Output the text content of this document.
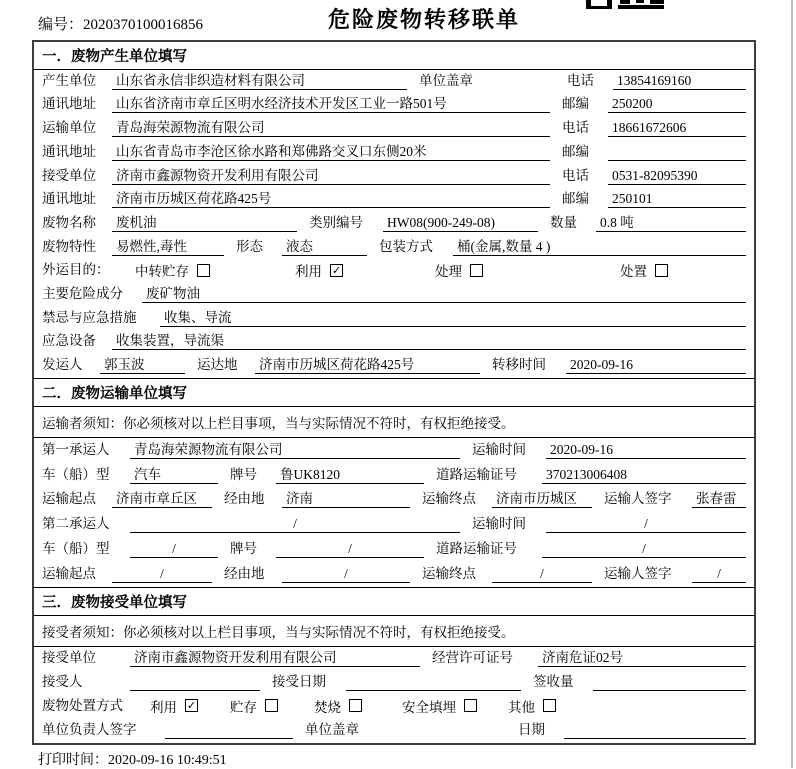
编号：2020370100016856	危险废物转移联单
一．废物产生单位填写
产生单位	山东省永信非织造材料有限公司	单位盖章	电话	13854169160
通讯地址	山东省济南市章丘区明水经济技术开发区工业一路501号	邮编	250200
运输单位	青岛海荣源物流有限公司	电话	18661672606
通讯地址	山东省青岛市李沧区徐水路和郑佛路交叉口东侧20米	邮编
接受单位	济南市鑫源物资开发利用有限公司	电话	0531-82095390
通讯地址	济南市历城区荷花路425号	邮编	250101
废物名称	废机油	类别编号	HW08(900-249-08)	数量	0.8 吨
废物特性	易燃性,毒性	形态	液态	包装方式	桶(金属,数量 4 )
外运目的：	中转贮存	利用 ✓	处理	处置
主要危险成分	废矿物油
禁忌与应急措施	收集、导流
应急设备	收集装置，导流渠
发运人	郭玉波	运达地	济南市历城区荷花路425号	转移时间	2020-09-16
二．废物运输单位填写
运输者须知：你必须核对以上栏目事项，当与实际情况不符时，有权拒绝接受。
第一承运人	青岛海荣源物流有限公司	运输时间	2020-09-16
车（船）型	汽车	牌号	鲁UK8120	道路运输证号	370213006408
运输起点	济南市章丘区	经由地	济南	运输终点	济南市历城区	运输人签字	张春雷
第二承运人	/	运输时间	/
车（船）型	/	牌号	/	道路运输证号	/
运输起点	/	经由地	/	运输终点	/	运输人签字	/
三．废物接受单位填写
接受者须知：你必须核对以上栏目事项，当与实际情况不符时，有权拒绝接受。
接受单位	济南市鑫源物资开发利用有限公司	经营许可证号	济南危证02号
接受人	接受日期	签收量
废物处置方式	利用 ✓	贮存	焚烧	安全填埋	其他
单位负责人签字	单位盖章	日期
打印时间：2020-09-16 10:49:51
